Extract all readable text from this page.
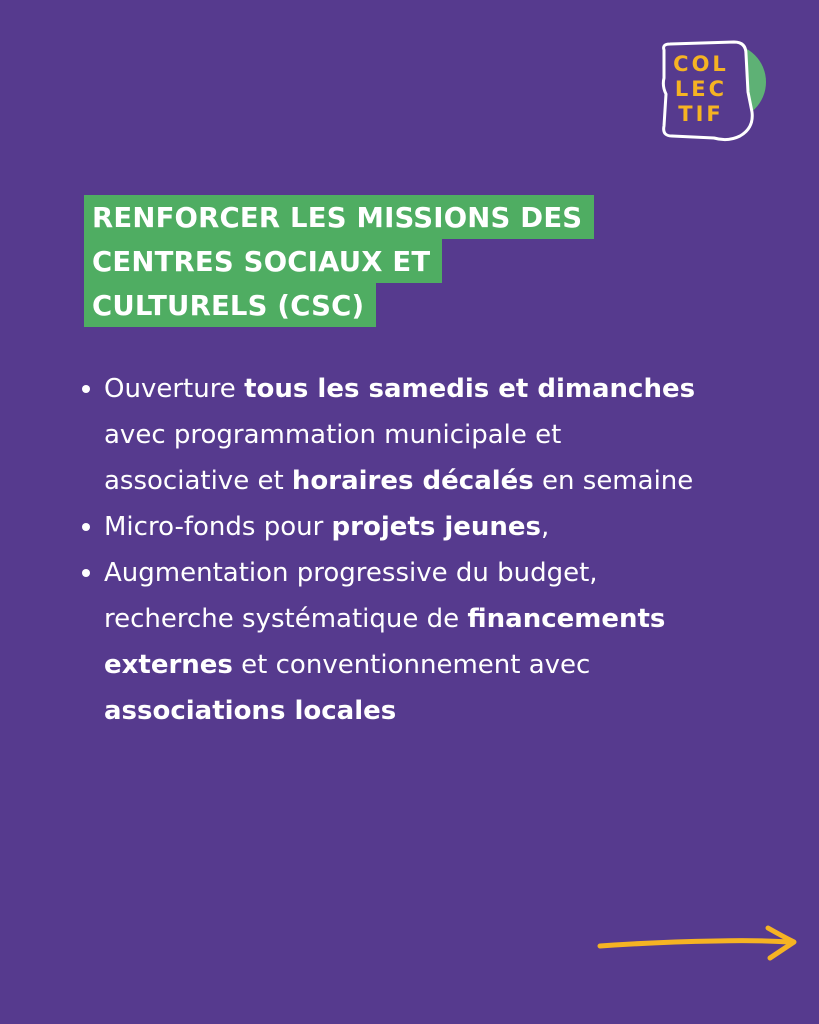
COL
LEC
TIF
RENFORCER LES MISSIONS DES
CENTRES SOCIAUX ET
CULTURELS (CSC)
Ouverture tous les samedis et dimanches avec programmation municipale et associative et horaires décalés en semaine
Micro-fonds pour projets jeunes,
Augmentation progressive du budget, recherche systématique de financements externes et conventionnement avec associations locales
